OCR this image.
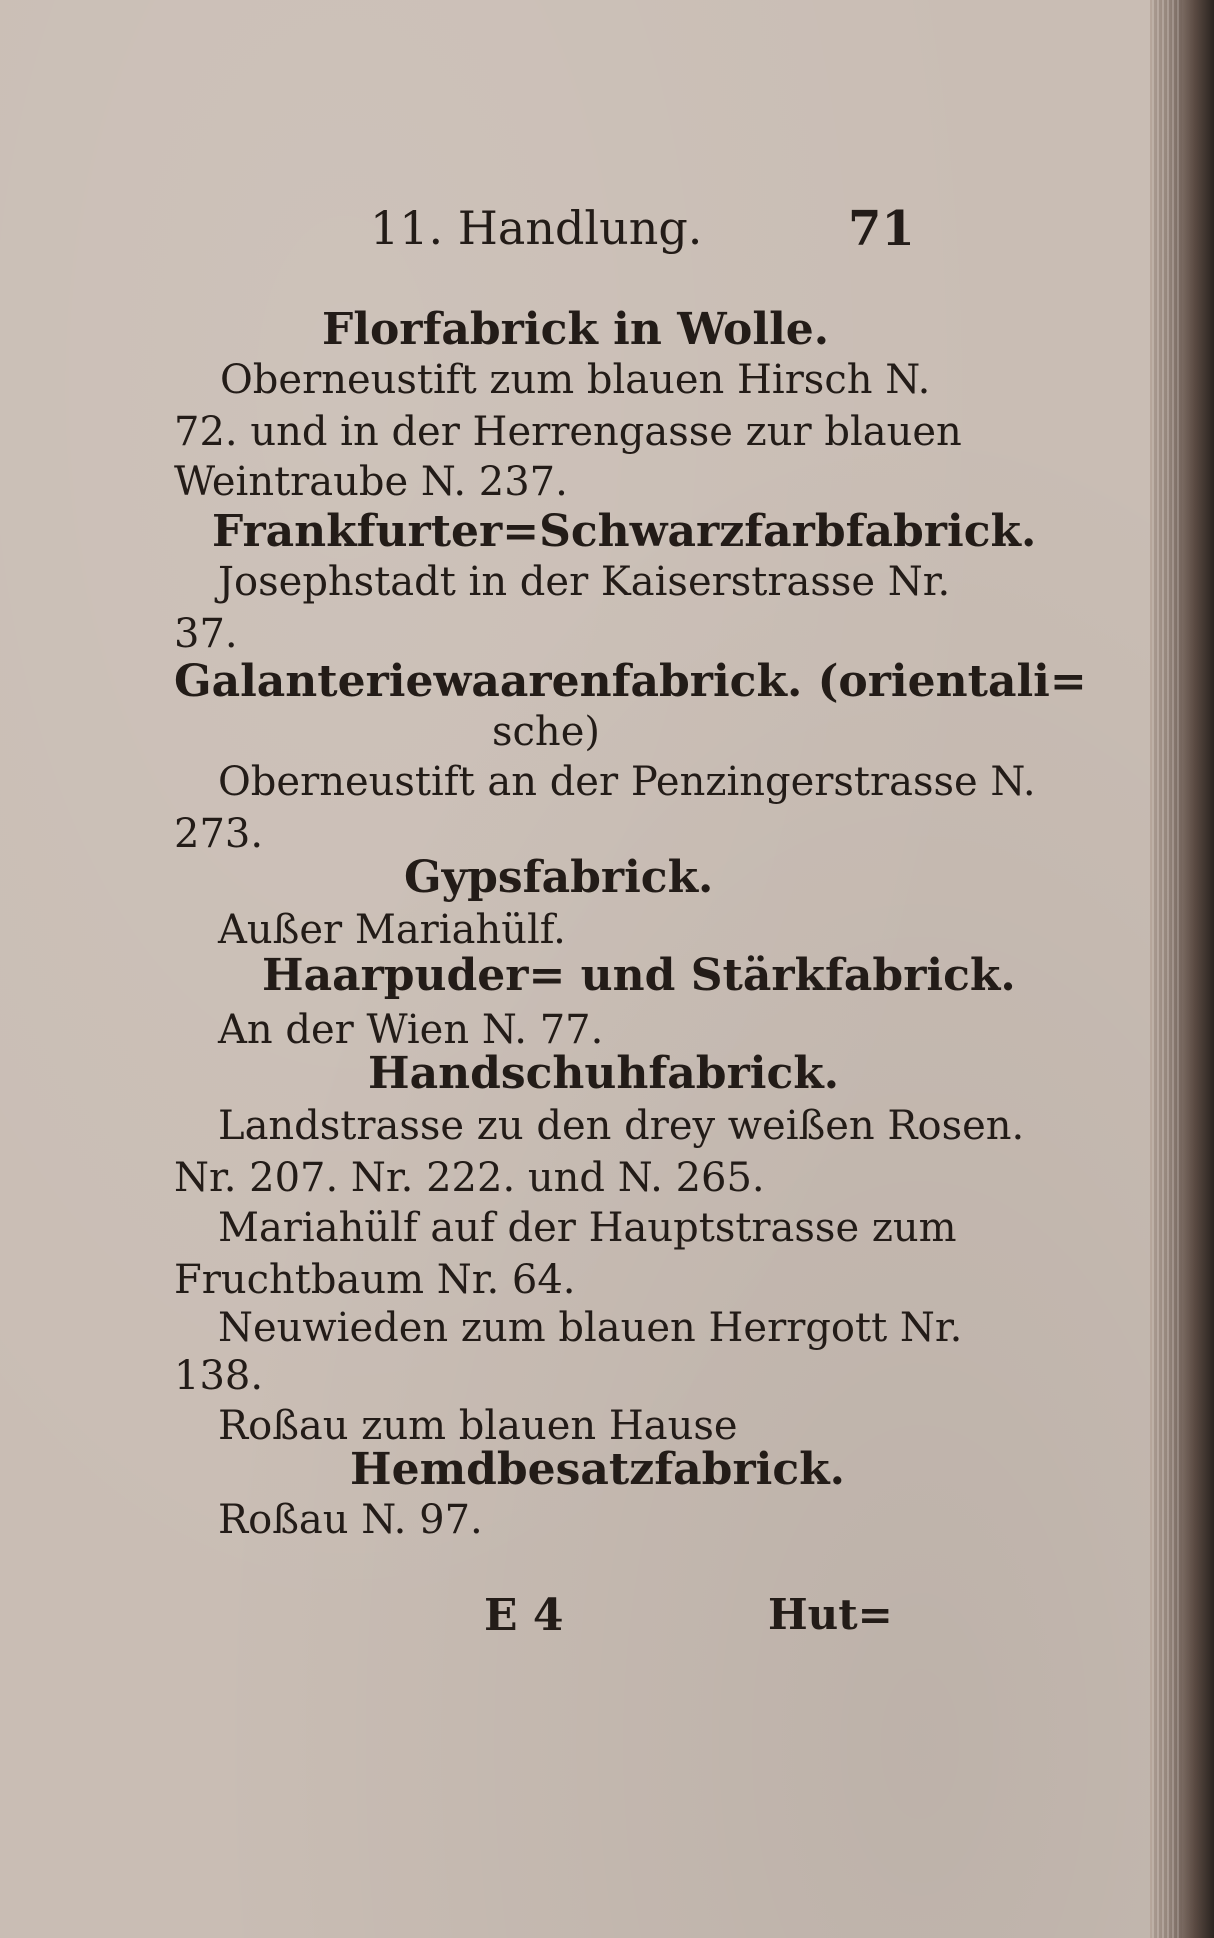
11. Handlung.	71
Florfabrick in Wolle.
Oberneustift zum blauen Hirsch N.
72. und in der Herrengasse zur blauen
Weintraube N. 237.
Frankfurter=Schwarzfarbfabrick.
Josephstadt in der Kaiserstrasse Nr.
37.
Galanteriewaarenfabrick. (orientali=
sche)
Oberneustift an der Penzingerstrasse N.
273.
Gypsfabrick.
Außer Mariahülf.
Haarpuder= und Stärkfabrick.
An der Wien N. 77.
Handschuhfabrick.
Landstrasse zu den drey weißen Rosen.
Nr. 207. Nr. 222. und N. 265.
Mariahülf auf der Hauptstrasse zum
Fruchtbaum Nr. 64.
Neuwieden zum blauen Herrgott Nr.
138.
Roßau zum blauen Hause
Hemdbesatzfabrick.
Roßau N. 97.
E 4	Hut=
